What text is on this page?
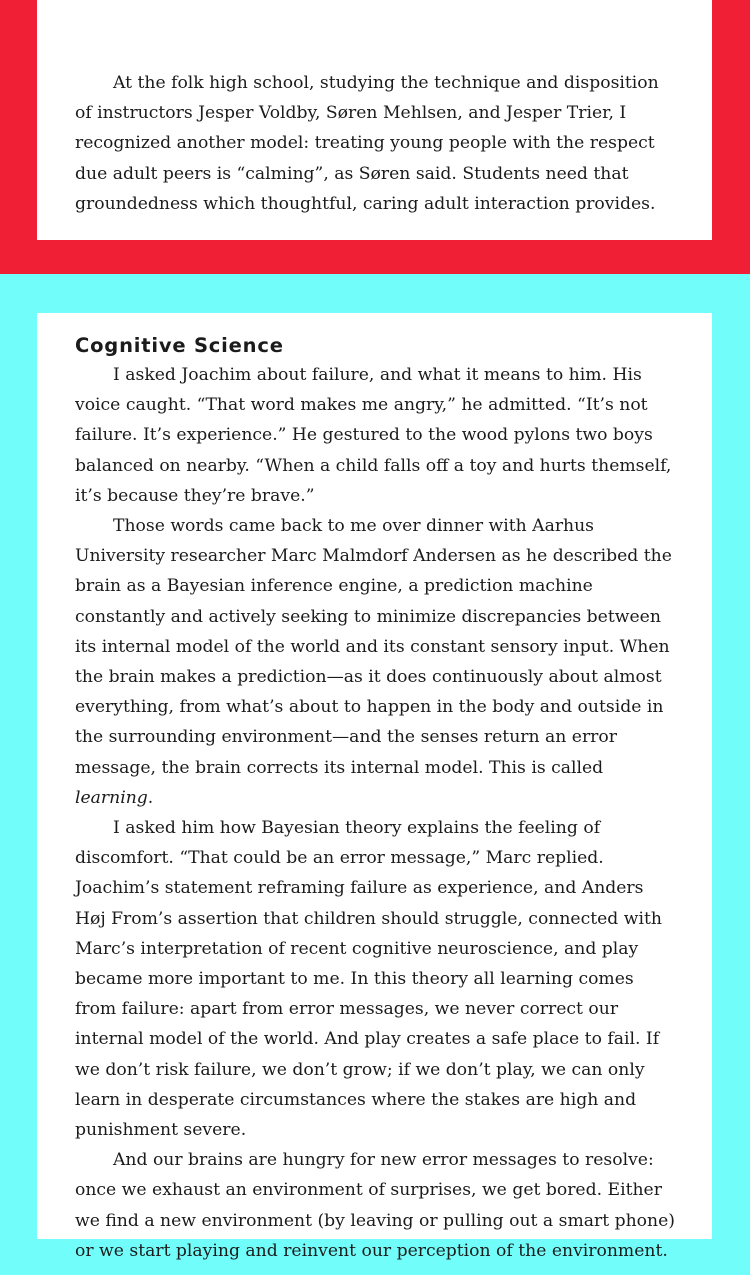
At the folk high school, studying the technique and disposition of instructors Jesper Voldby, Søren Mehlsen, and Jesper Trier, I recognized another model: treating young people with the respect due adult peers is “calming”, as Søren said. Students need that groundedness which thoughtful, caring adult interaction provides.

Cognitive Science

I asked Joachim about failure, and what it means to him. His voice caught. “That word makes me angry,” he admitted. “It’s not failure. It’s experience.” He gestured to the wood pylons two boys balanced on nearby. “When a child falls off a toy and hurts themself, it’s because they’re brave.”

Those words came back to me over dinner with Aarhus University researcher Marc Malmdorf Andersen as he described the brain as a Bayesian inference engine, a prediction machine constantly and actively seeking to minimize discrepancies between its internal model of the world and its constant sensory input. When the brain makes a prediction—as it does continuously about almost everything, from what’s about to happen in the body and outside in the surrounding environment—and the senses return an error message, the brain corrects its internal model. This is called learning.

I asked him how Bayesian theory explains the feeling of discomfort. “That could be an error message,” Marc replied. Joachim’s statement reframing failure as experience, and Anders Høj From’s assertion that children should struggle, connected with Marc’s interpretation of recent cognitive neuroscience, and play became more important to me. In this theory all learning comes from failure: apart from error messages, we never correct our internal model of the world. And play creates a safe place to fail. If we don’t risk failure, we don’t grow; if we don’t play, we can only learn in desperate circumstances where the stakes are high and punishment severe.

And our brains are hungry for new error messages to resolve: once we exhaust an environment of surprises, we get bored. Either we find a new environment (by leaving or pulling out a smart phone) or we start playing and reinvent our perception of the environment.
